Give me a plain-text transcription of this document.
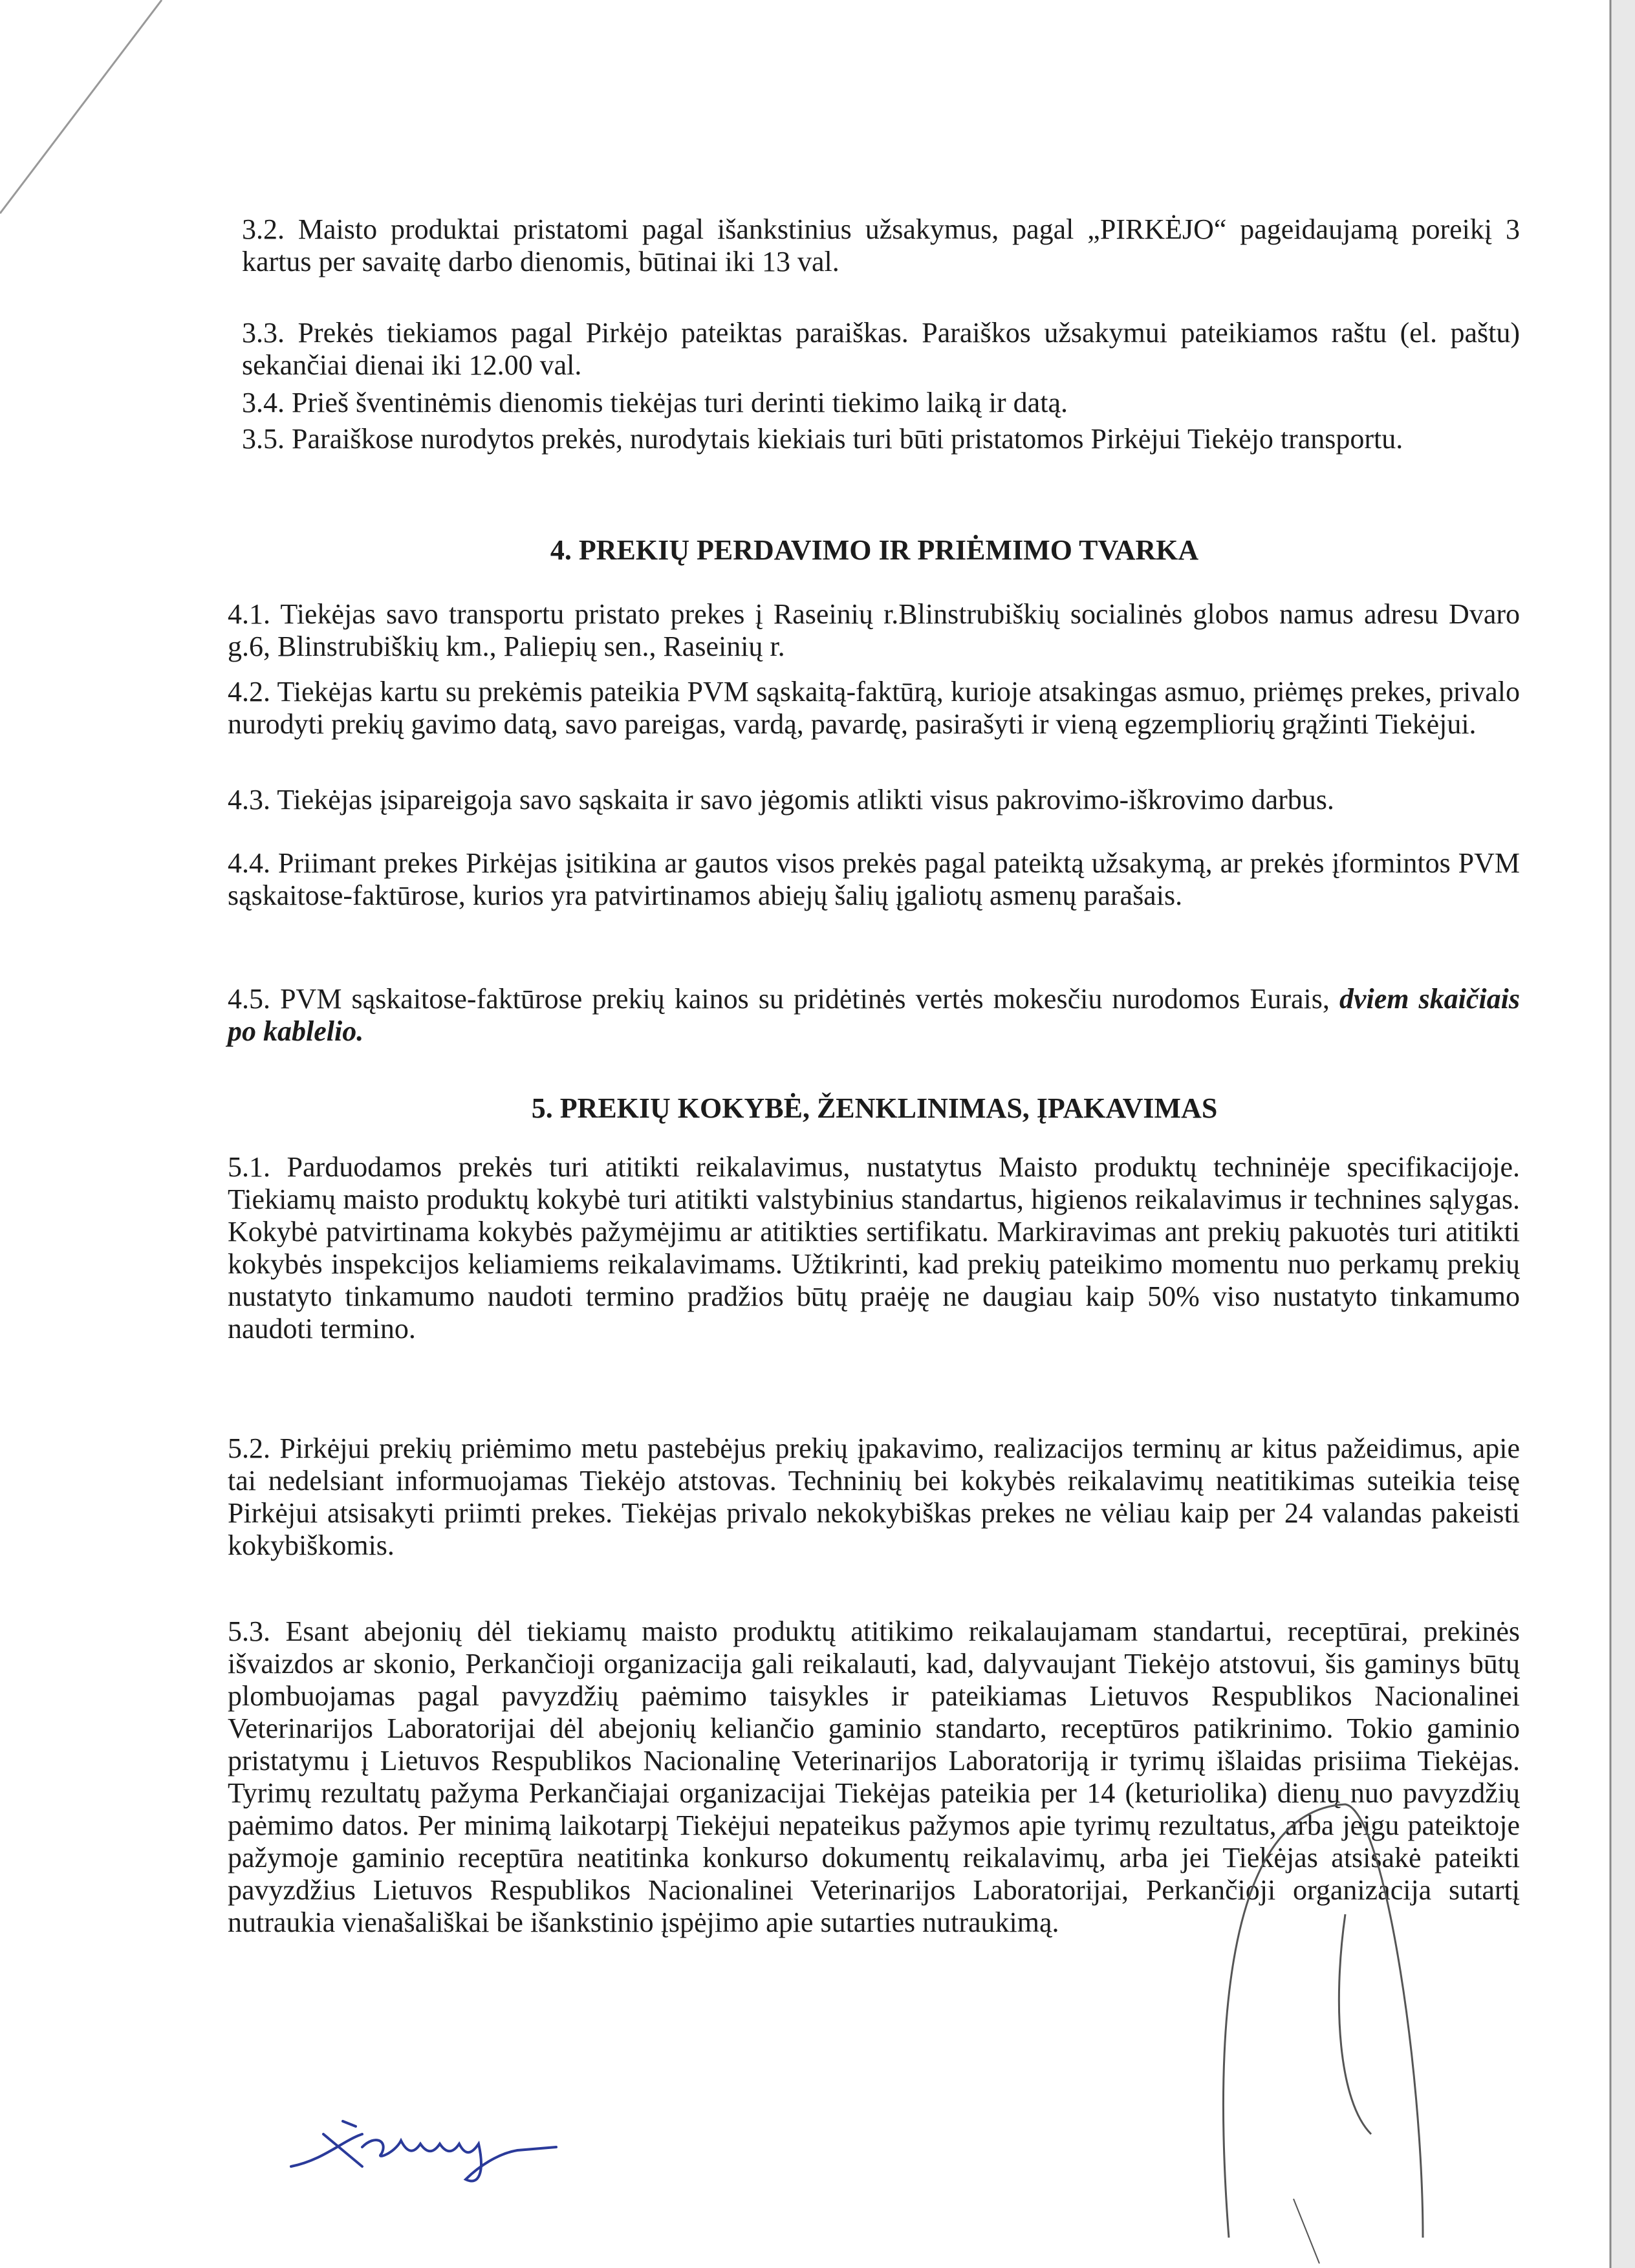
3.2. Maisto produktai pristatomi pagal išankstinius užsakymus, pagal „PIRKĖJO“ pageidaujamą poreikį 3 kartus per savaitę darbo dienomis, būtinai iki 13 val.
3.3. Prekės tiekiamos pagal Pirkėjo pateiktas paraiškas. Paraiškos užsakymui pateikiamos raštu (el. paštu) sekančiai dienai iki 12.00 val.
3.4. Prieš šventinėmis dienomis tiekėjas turi derinti tiekimo laiką ir datą.
3.5. Paraiškose nurodytos prekės, nurodytais kiekiais turi būti pristatomos Pirkėjui Tiekėjo transportu.
4. PREKIŲ PERDAVIMO IR PRIĖMIMO TVARKA
4.1. Tiekėjas savo transportu pristato prekes į Raseinių r.Blinstrubiškių socialinės globos namus adresu Dvaro g.6, Blinstrubiškių km., Paliepių sen., Raseinių r.
4.2. Tiekėjas kartu su prekėmis pateikia PVM sąskaitą-faktūrą, kurioje atsakingas asmuo, priėmęs prekes, privalo nurodyti prekių gavimo datą, savo pareigas, vardą, pavardę, pasirašyti ir vieną egzempliorių grąžinti Tiekėjui.
4.3. Tiekėjas įsipareigoja savo sąskaita ir savo jėgomis atlikti visus pakrovimo-iškrovimo darbus.
4.4. Priimant prekes Pirkėjas įsitikina ar gautos visos prekės pagal pateiktą užsakymą, ar prekės įformintos PVM sąskaitose-faktūrose, kurios yra patvirtinamos abiejų šalių įgaliotų asmenų parašais.
4.5. PVM sąskaitose-faktūrose prekių kainos su pridėtinės vertės mokesčiu nurodomos Eurais, dviem skaičiais po kablelio.
5. PREKIŲ KOKYBĖ, ŽENKLINIMAS, ĮPAKAVIMAS
5.1. Parduodamos prekės turi atitikti reikalavimus, nustatytus Maisto produktų techninėje specifikacijoje. Tiekiamų maisto produktų kokybė turi atitikti valstybinius standartus, higienos reikalavimus ir technines sąlygas. Kokybė patvirtinama kokybės pažymėjimu ar atitikties sertifikatu. Markiravimas ant prekių pakuotės turi atitikti kokybės inspekcijos keliamiems reikalavimams. Užtikrinti, kad prekių pateikimo momentu nuo perkamų prekių nustatyto tinkamumo naudoti termino pradžios būtų praėję ne daugiau kaip 50% viso nustatyto tinkamumo naudoti termino.
5.2. Pirkėjui prekių priėmimo metu pastebėjus prekių įpakavimo, realizacijos terminų ar kitus pažeidimus, apie tai nedelsiant informuojamas Tiekėjo atstovas. Techninių bei kokybės reikalavimų neatitikimas suteikia teisę Pirkėjui atsisakyti priimti prekes. Tiekėjas privalo nekokybiškas prekes ne vėliau kaip per 24 valandas pakeisti kokybiškomis.
5.3. Esant abejonių dėl tiekiamų maisto produktų atitikimo reikalaujamam standartui, receptūrai, prekinės išvaizdos ar skonio, Perkančioji organizacija gali reikalauti, kad, dalyvaujant Tiekėjo atstovui, šis gaminys būtų plombuojamas pagal pavyzdžių paėmimo taisykles ir pateikiamas Lietuvos Respublikos Nacionalinei Veterinarijos Laboratorijai dėl abejonių keliančio gaminio standarto, receptūros patikrinimo. Tokio gaminio pristatymu į Lietuvos Respublikos Nacionalinę Veterinarijos Laboratoriją ir tyrimų išlaidas prisiima Tiekėjas. Tyrimų rezultatų pažyma Perkančiajai organizacijai Tiekėjas pateikia per 14 (keturiolika) dienų nuo pavyzdžių paėmimo datos. Per minimą laikotarpį Tiekėjui nepateikus pažymos apie tyrimų rezultatus, arba jeigu pateiktoje pažymoje gaminio receptūra neatitinka konkurso dokumentų reikalavimų, arba jei Tiekėjas atsisakė pateikti pavyzdžius Lietuvos Respublikos Nacionalinei Veterinarijos Laboratorijai, Perkančioji organizacija sutartį nutraukia vienašališkai be išankstinio įspėjimo apie sutarties nutraukimą.
